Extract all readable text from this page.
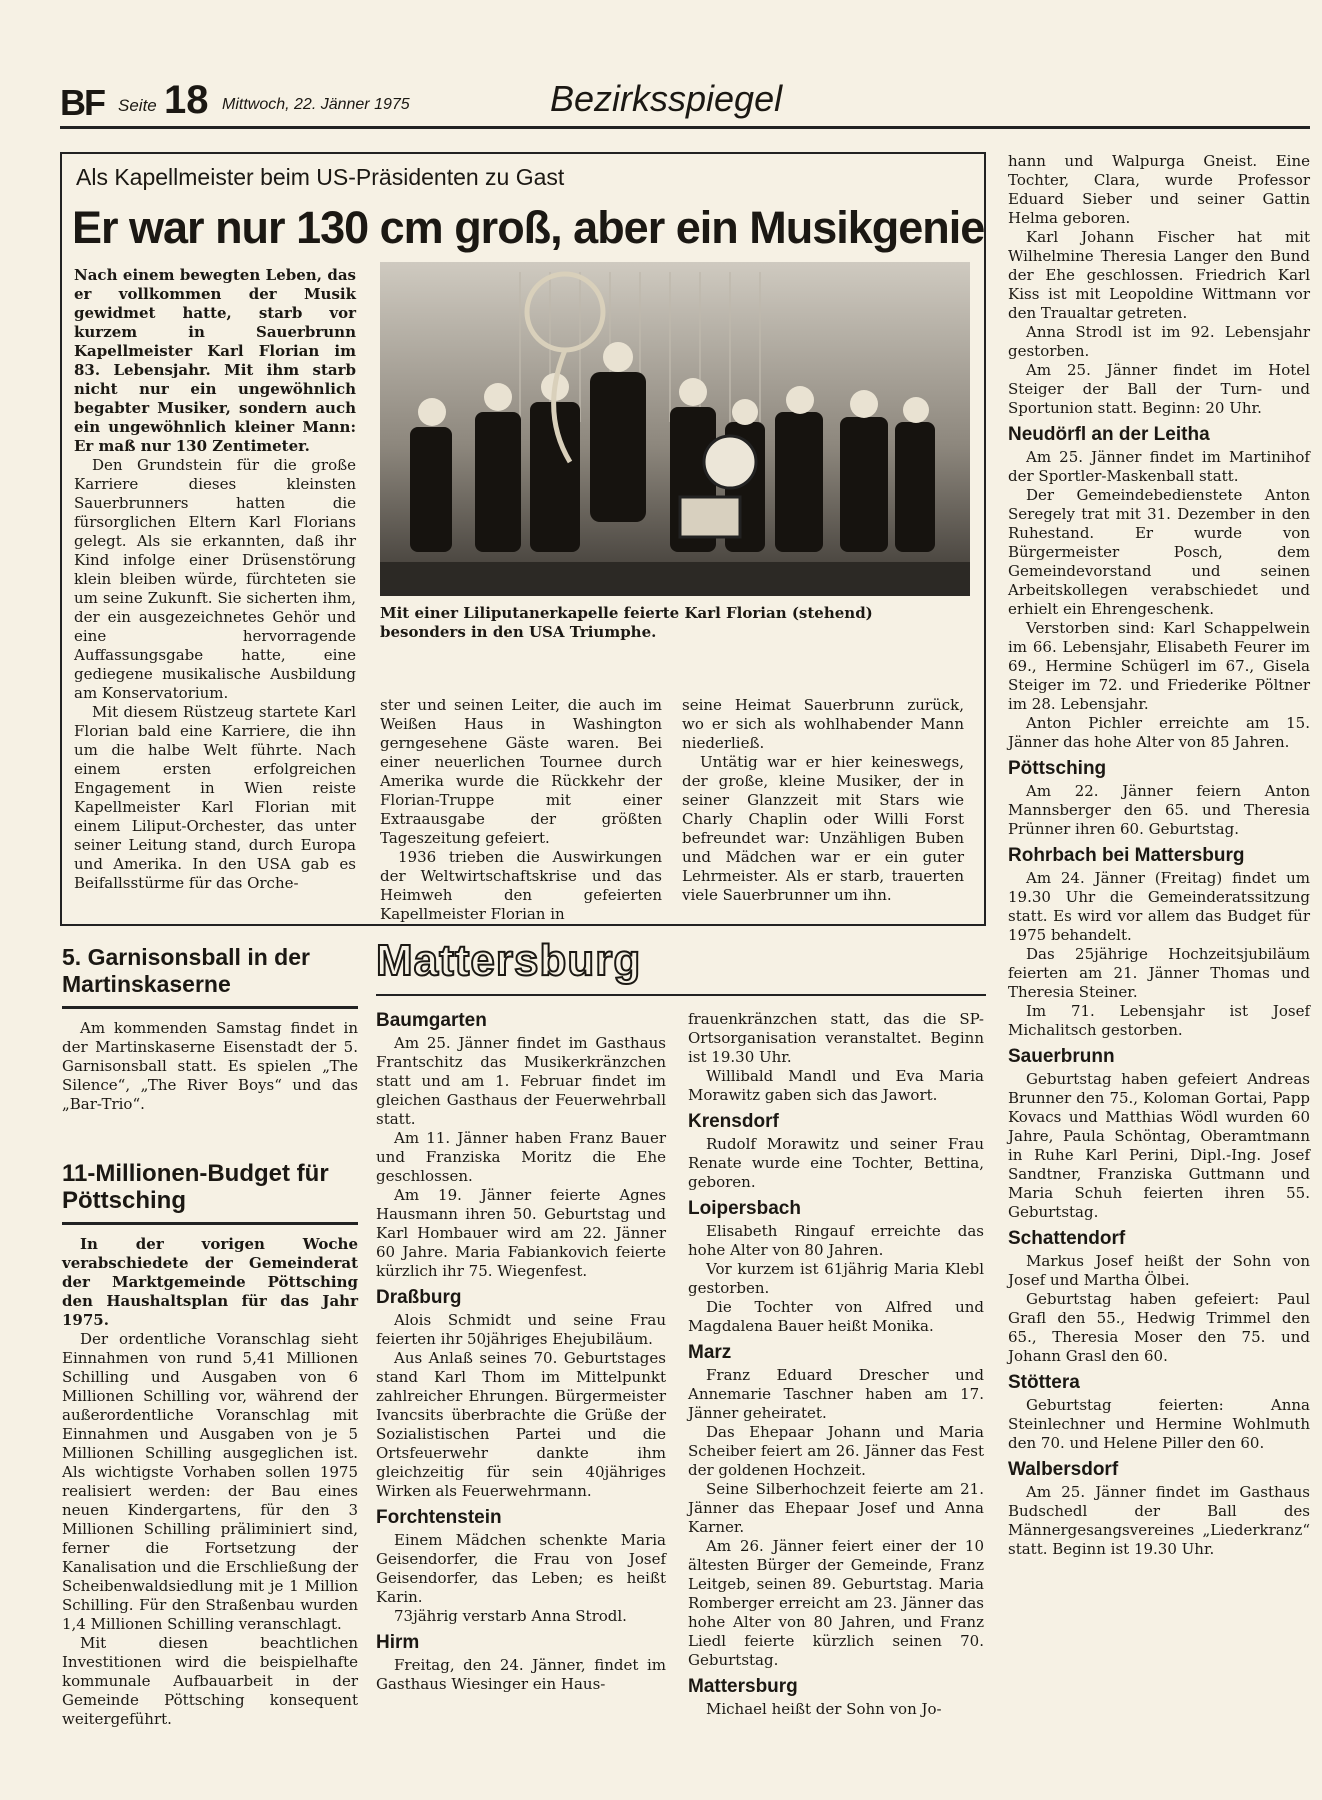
BF Seite 18 Mittwoch, 22. Jänner 1975	Bezirksspiegel
Als Kapellmeister beim US-Präsidenten zu Gast
Er war nur 130 cm groß, aber ein Musikgenie

Nach einem bewegten Leben, das er vollkommen der Musik gewidmet hatte, starb vor kurzem in Sauerbrunn Kapellmeister Karl Florian im 83. Lebensjahr. Mit ihm starb nicht nur ein ungewöhnlich begabter Musiker, sondern auch ein ungewöhnlich kleiner Mann: Er maß nur 130 Zentimeter.

Den Grundstein für die große Karriere dieses kleinsten Sauerbrunners hatten die fürsorglichen Eltern Karl Florians gelegt. Als sie erkannten, daß ihr Kind infolge einer Drüsenstörung klein bleiben würde, fürchteten sie um seine Zukunft. Sie sicherten ihm, der ein ausgezeichnetes Gehör und eine hervorragende Auffassungsgabe hatte, eine gediegene musikalische Ausbildung am Konservatorium.

Mit diesem Rüstzeug startete Karl Florian bald eine Karriere, die ihn um die halbe Welt führte. Nach einem ersten erfolgreichen Engagement in Wien reiste Kapellmeister Karl Florian mit einem Liliput-Orchester, das unter seiner Leitung stand, durch Europa und Amerika. In den USA gab es Beifallsstürme für das Orche-

Mit einer Liliputanerkapelle feierte Karl Florian (stehend) besonders in den USA Triumphe.

ster und seinen Leiter, die auch im Weißen Haus in Washington gerngesehene Gäste waren. Bei einer neuerlichen Tournee durch Amerika wurde die Rückkehr der Florian-Truppe mit einer Extraausgabe der größten Tageszeitung gefeiert.

1936 trieben die Auswirkungen der Weltwirtschaftskrise und das Heimweh den gefeierten Kapellmeister Florian in

seine Heimat Sauerbrunn zurück, wo er sich als wohlhabender Mann niederließ.

Untätig war er hier keineswegs, der große, kleine Musiker, der in seiner Glanzzeit mit Stars wie Charly Chaplin oder Willi Forst befreundet war: Unzähligen Buben und Mädchen war er ein guter Lehrmeister. Als er starb, trauerten viele Sauerbrunner um ihn.

5. Garnisonsball in der Martinskaserne

Am kommenden Samstag findet in der Martinskaserne Eisenstadt der 5. Garnisonsball statt. Es spielen „The Silence“, „The River Boys“ und das „Bar-Trio“.

11-Millionen-Budget für Pöttsching

In der vorigen Woche verabschiedete der Gemeinderat der Marktgemeinde Pöttsching den Haushaltsplan für das Jahr 1975.

Der ordentliche Voranschlag sieht Einnahmen von rund 5,41 Millionen Schilling und Ausgaben von 6 Millionen Schilling vor, während der außerordentliche Voranschlag mit Einnahmen und Ausgaben von je 5 Millionen Schilling ausgeglichen ist. Als wichtigste Vorhaben sollen 1975 realisiert werden: der Bau eines neuen Kindergartens, für den 3 Millionen Schilling präliminiert sind, ferner die Fortsetzung der Kanalisation und die Erschließung der Scheibenwaldsiedlung mit je 1 Million Schilling. Für den Straßenbau wurden 1,4 Millionen Schilling veranschlagt.

Mit diesen beachtlichen Investitionen wird die beispielhafte kommunale Aufbauarbeit in der Gemeinde Pöttsching konsequent weitergeführt.

Mattersburg
Baumgarten

Am 25. Jänner findet im Gasthaus Frantschitz das Musikerkränzchen statt und am 1. Februar findet im gleichen Gasthaus der Feuerwehrball statt.

Am 11. Jänner haben Franz Bauer und Franziska Moritz die Ehe geschlossen.

Am 19. Jänner feierte Agnes Hausmann ihren 50. Geburtstag und Karl Hombauer wird am 22. Jänner 60 Jahre. Maria Fabiankovich feierte kürzlich ihr 75. Wiegenfest.

Draßburg

Alois Schmidt und seine Frau feierten ihr 50jähriges Ehejubiläum.

Aus Anlaß seines 70. Geburtstages stand Karl Thom im Mittelpunkt zahlreicher Ehrungen. Bürgermeister Ivancsits überbrachte die Grüße der Sozialistischen Partei und die Ortsfeuerwehr dankte ihm gleichzeitig für sein 40jähriges Wirken als Feuerwehrmann.

Forchtenstein

Einem Mädchen schenkte Maria Geisendorfer, die Frau von Josef Geisendorfer, das Leben; es heißt Karin.

73jährig verstarb Anna Strodl.

Hirm

Freitag, den 24. Jänner, findet im Gasthaus Wiesinger ein Haus-

frauenkränzchen statt, das die SP-Ortsorganisation veranstaltet. Beginn ist 19.30 Uhr.

Willibald Mandl und Eva Maria Morawitz gaben sich das Jawort.

Krensdorf

Rudolf Morawitz und seiner Frau Renate wurde eine Tochter, Bettina, geboren.

Loipersbach

Elisabeth Ringauf erreichte das hohe Alter von 80 Jahren.

Vor kurzem ist 61jährig Maria Klebl gestorben.

Die Tochter von Alfred und Magdalena Bauer heißt Monika.

Marz

Franz Eduard Drescher und Annemarie Taschner haben am 17. Jänner geheiratet.

Das Ehepaar Johann und Maria Scheiber feiert am 26. Jänner das Fest der goldenen Hochzeit.

Seine Silberhochzeit feierte am 21. Jänner das Ehepaar Josef und Anna Karner.

Am 26. Jänner feiert einer der 10 ältesten Bürger der Gemeinde, Franz Leitgeb, seinen 89. Geburtstag. Maria Romberger erreicht am 23. Jänner das hohe Alter von 80 Jahren, und Franz Liedl feierte kürzlich seinen 70. Geburtstag.

Mattersburg

Michael heißt der Sohn von Jo-

hann und Walpurga Gneist. Eine Tochter, Clara, wurde Professor Eduard Sieber und seiner Gattin Helma geboren.

Karl Johann Fischer hat mit Wilhelmine Theresia Langer den Bund der Ehe geschlossen. Friedrich Karl Kiss ist mit Leopoldine Wittmann vor den Traualtar getreten.

Anna Strodl ist im 92. Lebensjahr gestorben.

Am 25. Jänner findet im Hotel Steiger der Ball der Turn- und Sportunion statt. Beginn: 20 Uhr.

Neudörfl an der Leitha

Am 25. Jänner findet im Martinihof der Sportler-Maskenball statt.

Der Gemeindebedienstete Anton Seregely trat mit 31. Dezember in den Ruhestand. Er wurde von Bürgermeister Posch, dem Gemeindevorstand und seinen Arbeitskollegen verabschiedet und erhielt ein Ehrengeschenk.

Verstorben sind: Karl Schappelwein im 66. Lebensjahr, Elisabeth Feurer im 69., Hermine Schügerl im 67., Gisela Steiger im 72. und Friederike Pöltner im 28. Lebensjahr.

Anton Pichler erreichte am 15. Jänner das hohe Alter von 85 Jahren.

Pöttsching

Am 22. Jänner feiern Anton Mannsberger den 65. und Theresia Prünner ihren 60. Geburtstag.

Rohrbach bei Mattersburg

Am 24. Jänner (Freitag) findet um 19.30 Uhr die Gemeinderatssitzung statt. Es wird vor allem das Budget für 1975 behandelt.

Das 25jährige Hochzeitsjubiläum feierten am 21. Jänner Thomas und Theresia Steiner.

Im 71. Lebensjahr ist Josef Michalitsch gestorben.

Sauerbrunn

Geburtstag haben gefeiert Andreas Brunner den 75., Koloman Gortai, Papp Kovacs und Matthias Wödl wurden 60 Jahre, Paula Schöntag, Oberamtmann in Ruhe Karl Perini, Dipl.-Ing. Josef Sandtner, Franziska Guttmann und Maria Schuh feierten ihren 55. Geburtstag.

Schattendorf

Markus Josef heißt der Sohn von Josef und Martha Ölbei.

Geburtstag haben gefeiert: Paul Grafl den 55., Hedwig Trimmel den 65., Theresia Moser den 75. und Johann Grasl den 60.

Stöttera

Geburtstag feierten: Anna Steinlechner und Hermine Wohlmuth den 70. und Helene Piller den 60.

Walbersdorf

Am 25. Jänner findet im Gasthaus Budschedl der Ball des Männergesangsvereines „Liederkranz“ statt. Beginn ist 19.30 Uhr.
